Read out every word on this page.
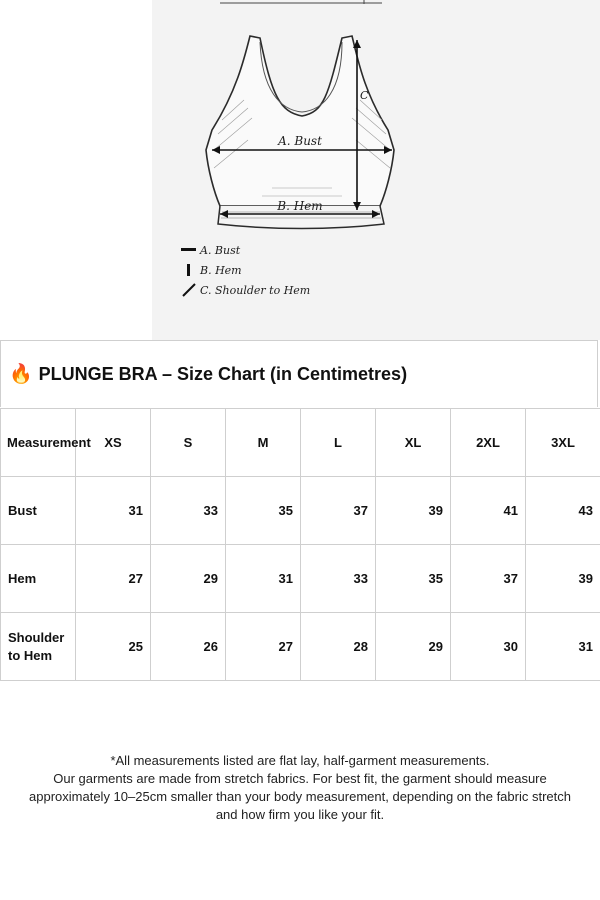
A. Bust
B. Hem
C
A. Bust
B. Hem
C. Shoulder to Hem
🔥 PLUNGE BRA – Size Chart (in Centimetres)
Measurement	XS	S	M	L	XL	2XL	3XL
Bust	31	33	35	37	39	41	43
Hem	27	29	31	33	35	37	39
Shoulder to Hem	25	26	27	28	29	30	31
*All measurements listed are flat lay, half-garment measurements.
Our garments are made from stretch fabrics. For best fit, the garment should measure approximately 10–25cm smaller than your body measurement, depending on the fabric stretch and how firm you like your fit.
